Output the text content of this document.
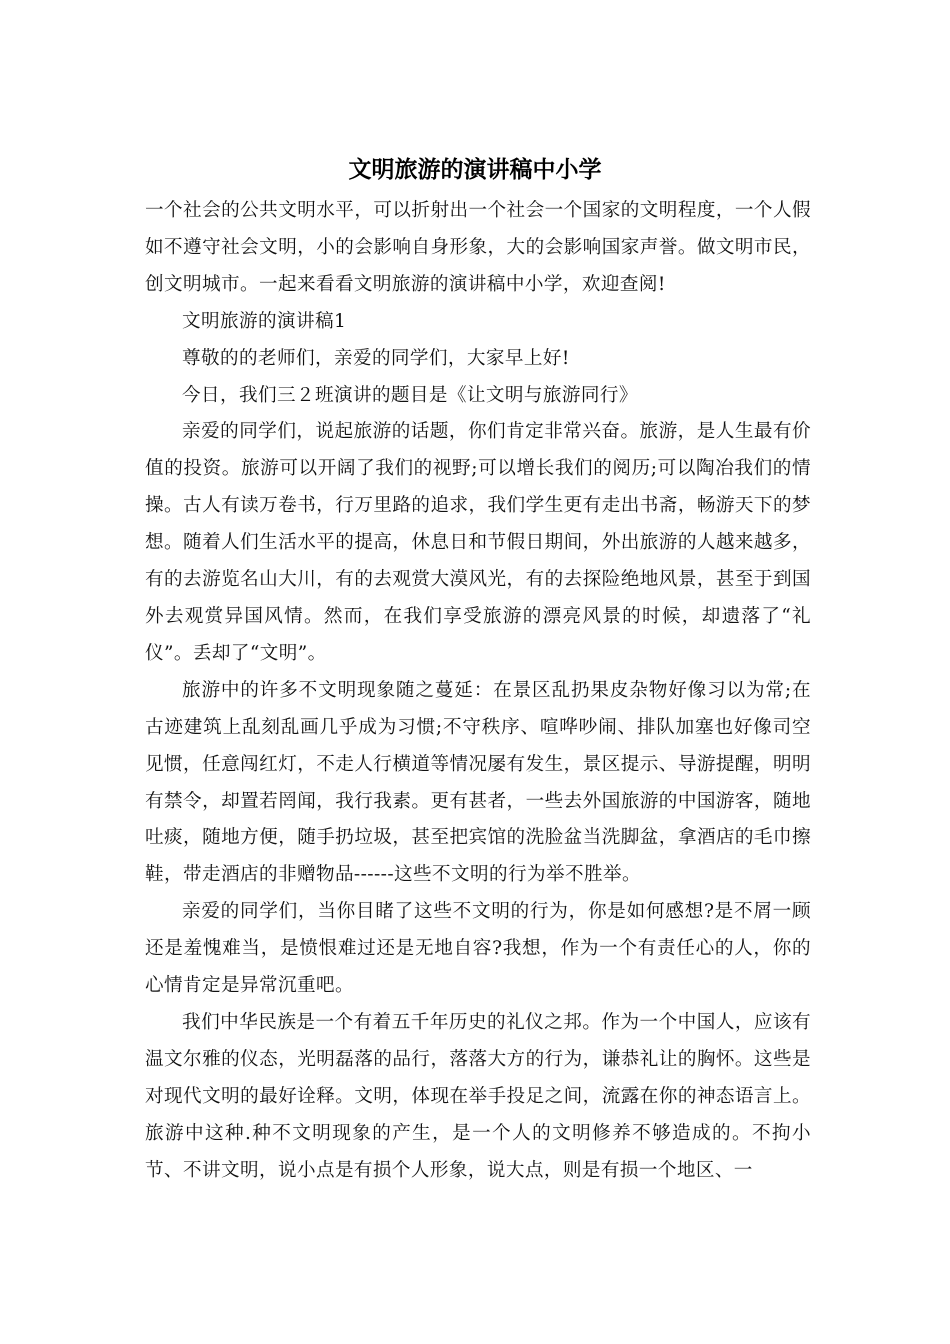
文明旅游的演讲稿中小学

一个社会的公共文明水平，可以折射出一个社会一个国家的文明程度，一个人假如不遵守社会文明，小的会影响自身形象，大的会影响国家声誉。做文明市民，创文明城市。一起来看看文明旅游的演讲稿中小学，欢迎查阅!

文明旅游的演讲稿1

尊敬的的老师们，亲爱的同学们，大家早上好!

今日，我们三２班演讲的题目是《让文明与旅游同行》

亲爱的同学们，说起旅游的话题，你们肯定非常兴奋。旅游，是人生最有价值的投资。旅游可以开阔了我们的视野;可以增长我们的阅历;可以陶冶我们的情操。古人有读万卷书，行万里路的追求，我们学生更有走出书斋，畅游天下的梦想。随着人们生活水平的提高，休息日和节假日期间，外出旅游的人越来越多，有的去游览名山大川，有的去观赏大漠风光，有的去探险绝地风景，甚至于到国外去观赏异国风情。然而，在我们享受旅游的漂亮风景的时候，却遗落了“礼仪”。丢却了“文明”。

旅游中的许多不文明现象随之蔓延：在景区乱扔果皮杂物好像习以为常;在古迹建筑上乱刻乱画几乎成为习惯;不守秩序、喧哗吵闹、排队加塞也好像司空见惯，任意闯红灯，不走人行横道等情况屡有发生，景区提示、导游提醒，明明有禁令，却置若罔闻，我行我素。更有甚者，一些去外国旅游的中国游客，随地吐痰，随地方便，随手扔垃圾，甚至把宾馆的洗脸盆当洗脚盆，拿酒店的毛巾擦鞋，带走酒店的非赠物品------这些不文明的行为举不胜举。

亲爱的同学们，当你目睹了这些不文明的行为，你是如何感想?是不屑一顾还是羞愧难当，是愤恨难过还是无地自容?我想，作为一个有责任心的人，你的心情肯定是异常沉重吧。

我们中华民族是一个有着五千年历史的礼仪之邦。作为一个中国人，应该有温文尔雅的仪态，光明磊落的品行，落落大方的行为，谦恭礼让的胸怀。这些是对现代文明的最好诠释。文明，体现在举手投足之间，流露在你的神态语言上。旅游中这种.种不文明现象的产生，是一个人的文明修养不够造成的。不拘小节、不讲文明，说小点是有损个人形象，说大点，则是有损一个地区、一
